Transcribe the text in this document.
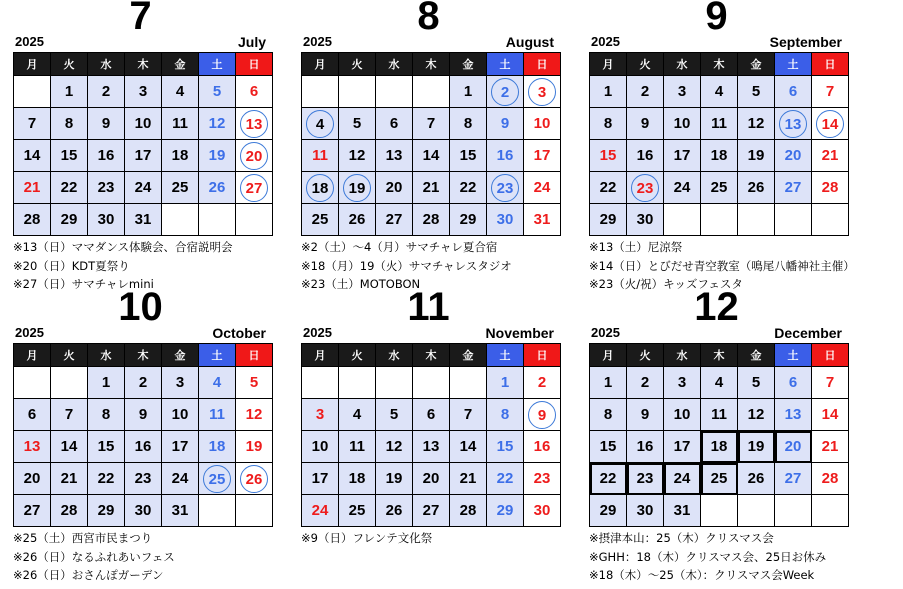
2025
7
July
月	火	水	木	金	土	日
	1	2	3	4	5	6
7	8	9	10	11	12	13
14	15	16	17	18	19	20
21	22	23	24	25	26	27
28	29	30	31			
※13（日）ママダンス体験会、合宿説明会
※20（日）KDT夏祭り
※27（日）サマチャレmini
2025
8
August
月	火	水	木	金	土	日
				1	2	3
4	5	6	7	8	9	10
11	12	13	14	15	16	17
18	19	20	21	22	23	24
25	26	27	28	29	30	31
※2（土）～4（月）サマチャレ夏合宿
※18（月）19（火）サマチャレスタジオ
※23（土）MOTOBON
2025
9
September
月	火	水	木	金	土	日
1	2	3	4	5	6	7
8	9	10	11	12	13	14
15	16	17	18	19	20	21
22	23	24	25	26	27	28
29	30					
※13（土）尼涼祭
※14（日）とびだせ青空教室（鳴尾八幡神社主催）
※23（火/祝）キッズフェスタ
2025
10
October
月	火	水	木	金	土	日
		1	2	3	4	5
6	7	8	9	10	11	12
13	14	15	16	17	18	19
20	21	22	23	24	25	26
27	28	29	30	31		
※25（土）西宮市民まつり
※26（日）なるふれあいフェス
※26（日）おさんぽガーデン
2025
11
November
月	火	水	木	金	土	日
					1	2
3	4	5	6	7	8	9
10	11	12	13	14	15	16
17	18	19	20	21	22	23
24	25	26	27	28	29	30
※9（日）フレンテ文化祭
2025
12
December
月	火	水	木	金	土	日
1	2	3	4	5	6	7
8	9	10	11	12	13	14
15	16	17	18	19	20	21
22	23	24	25	26	27	28
29	30	31				
※摂津本山：25（木）クリスマス会
※GHH：18（木）クリスマス会、25日お休み
※18（木）～25（木）：クリスマス会Week
